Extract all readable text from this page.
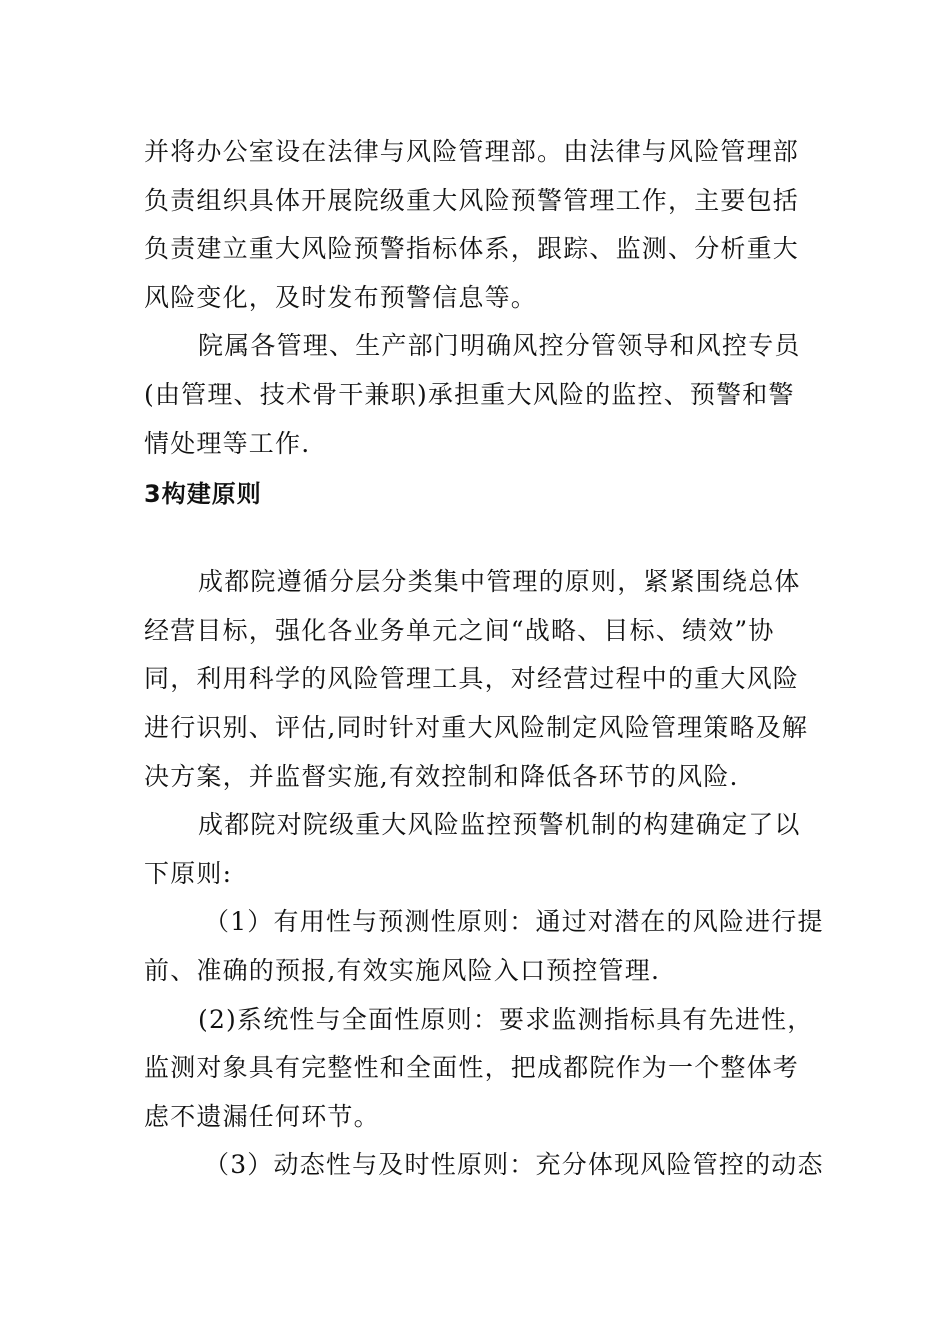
并将办公室设在法律与风险管理部。由法律与风险管理部
负责组织具体开展院级重大风险预警管理工作，主要包括
负责建立重大风险预警指标体系，跟踪、监测、分析重大
风险变化，及时发布预警信息等。
院属各管理、生产部门明确风控分管领导和风控专员
(由管理、技术骨干兼职)承担重大风险的监控、预警和警
情处理等工作.
3构建原则
成都院遵循分层分类集中管理的原则，紧紧围绕总体
经营目标，强化各业务单元之间“战略、目标、绩效”协
同，利用科学的风险管理工具，对经营过程中的重大风险
进行识别、评估,同时针对重大风险制定风险管理策略及解
决方案，并监督实施,有效控制和降低各环节的风险.
成都院对院级重大风险监控预警机制的构建确定了以
下原则:
（1）有用性与预测性原则：通过对潜在的风险进行提
前、准确的预报,有效实施风险入口预控管理.
(2)系统性与全面性原则：要求监测指标具有先进性，
监测对象具有完整性和全面性，把成都院作为一个整体考
虑不遗漏任何环节。
（3）动态性与及时性原则：充分体现风险管控的动态
